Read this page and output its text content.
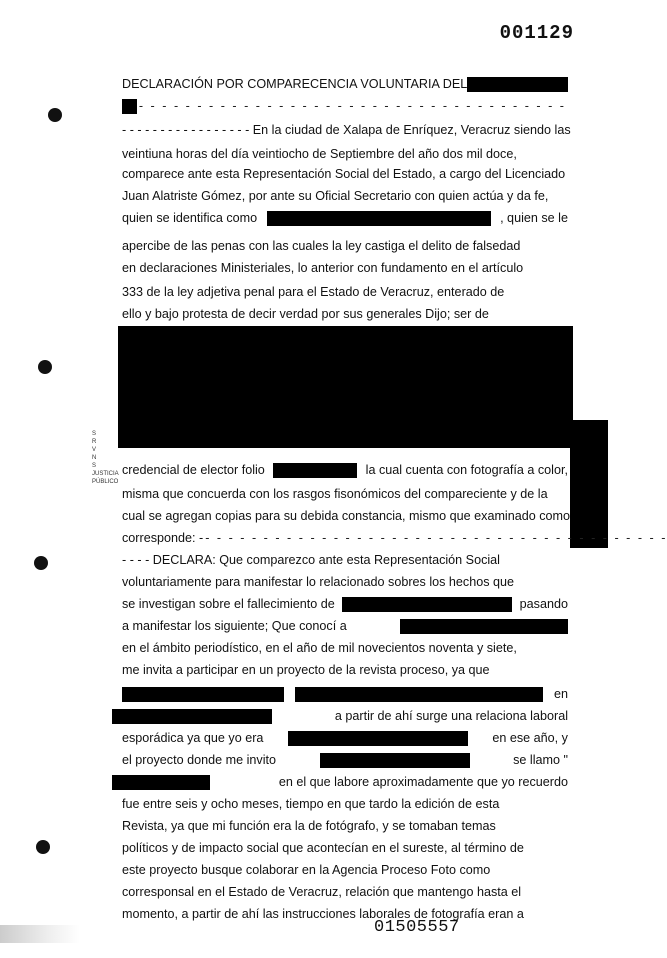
001129
DECLARACIÓN POR COMPARECENCIA VOLUNTARIA DEL
- - - - - - - - - - - - - - - - - - - - - - - - - - - - - - - - - - - - -
- - - - - - - - - - - - - - - - - En la ciudad de Xalapa de Enríquez, Veracruz siendo las
veintiuna horas del día veintiocho de Septiembre del año dos mil doce,
comparece ante esta Representación Social del Estado, a cargo del Licenciado
Juan Alatriste Gómez, por ante su Oficial Secretario con quien actúa y da fe,
quien se identifica como	, quien se le
apercibe de las penas con las cuales la ley castiga el delito de falsedad
en declaraciones Ministeriales, lo anterior con fundamento en el artículo
333 de la ley adjetiva penal para el Estado de Veracruz, enterado de
ello y bajo protesta de decir verdad por sus generales Dijo; ser de
credencial de elector folio	la cual cuenta con fotografía a color,
misma que concuerda con los rasgos fisonómicos del compareciente y de la
cual se agregan copias para su debida constancia, mismo que examinado como
corresponde: - - - - - - - - - - - - - - - - - - - - - - - - - - - - - - - - - - - - - - - - -
- - - - DECLARA: Que comparezco ante esta Representación Social
voluntariamente para manifestar lo relacionado sobres los hechos que
se investigan sobre el fallecimiento de	pasando
a manifestar los siguiente; Que conocí a
en el ámbito periodístico, en el año de mil novecientos noventa y siete,
me invita a participar en un proyecto de la revista proceso, ya que
en
a partir de ahí surge una relaciona laboral
esporádica ya que yo era	en ese año, y
el proyecto donde me invito	se llamo "
en el que labore aproximadamente que yo recuerdo
fue entre seis y ocho meses, tiempo en que tardo la edición de esta
Revista, ya que mi función era la de fotógrafo, y se tomaban temas
políticos y de impacto social que acontecían en el sureste, al término de
este proyecto busque colaborar en la Agencia Proceso Foto como
corresponsal en el Estado de Veracruz, relación que mantengo hasta el
momento, a partir de ahí las instrucciones laborales de fotografía eran a
01505557
S
R
V
N
S
JUSTICIA
PÚBLICO
